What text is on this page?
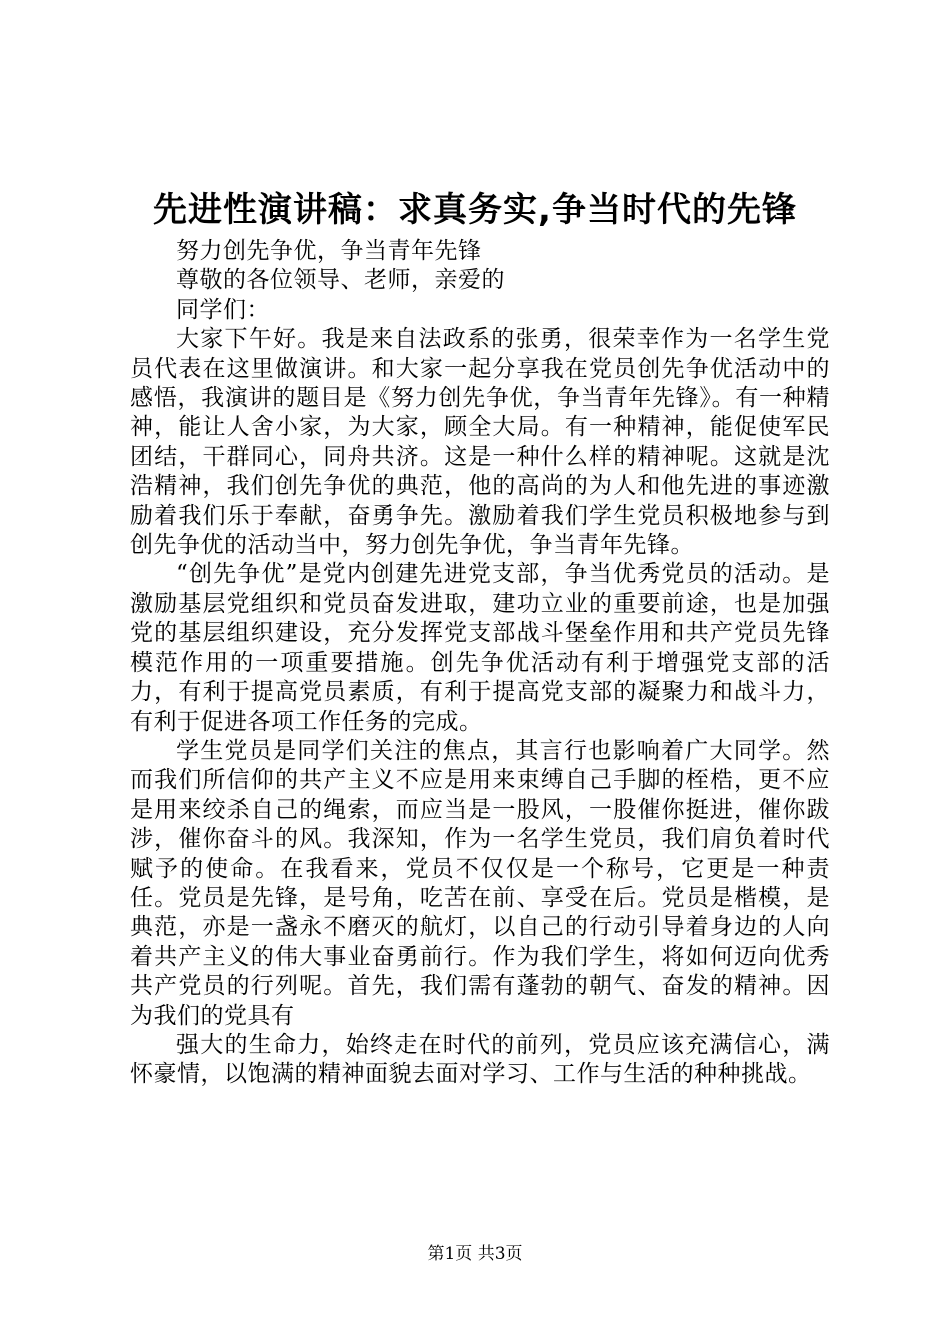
先进性演讲稿：求真务实,争当时代的先锋

努力创先争优，争当青年先锋

尊敬的各位领导、老师，亲爱的

同学们：

大家下午好。我是来自法政系的张勇，很荣幸作为一名学生党员代表在这里做演讲。和大家一起分享我在党员创先争优活动中的感悟，我演讲的题目是《努力创先争优，争当青年先锋》。有一种精神，能让人舍小家，为大家，顾全大局。有一种精神，能促使军民团结，干群同心，同舟共济。这是一种什么样的精神呢。这就是沈浩精神，我们创先争优的典范，他的高尚的为人和他先进的事迹激励着我们乐于奉献，奋勇争先。激励着我们学生党员积极地参与到创先争优的活动当中，努力创先争优，争当青年先锋。

“创先争优”是党内创建先进党支部，争当优秀党员的活动。是激励基层党组织和党员奋发进取，建功立业的重要前途，也是加强党的基层组织建设，充分发挥党支部战斗堡垒作用和共产党员先锋模范作用的一项重要措施。创先争优活动有利于增强党支部的活力，有利于提高党员素质，有利于提高党支部的凝聚力和战斗力，有利于促进各项工作任务的完成。

学生党员是同学们关注的焦点，其言行也影响着广大同学。然而我们所信仰的共产主义不应是用来束缚自己手脚的桎梏，更不应是用来绞杀自己的绳索，而应当是一股风，一股催你挺进，催你跋涉，催你奋斗的风。我深知，作为一名学生党员，我们肩负着时代赋予的使命。在我看来，党员不仅仅是一个称号，它更是一种责任。党员是先锋，是号角，吃苦在前、享受在后。党员是楷模，是典范，亦是一盏永不磨灭的航灯，以自己的行动引导着身边的人向着共产主义的伟大事业奋勇前行。作为我们学生，将如何迈向优秀共产党员的行列呢。首先，我们需有蓬勃的朝气、奋发的精神。因为我们的党具有

强大的生命力，始终走在时代的前列，党员应该充满信心，满怀豪情，以饱满的精神面貌去面对学习、工作与生活的种种挑战。

第1页 共3页
